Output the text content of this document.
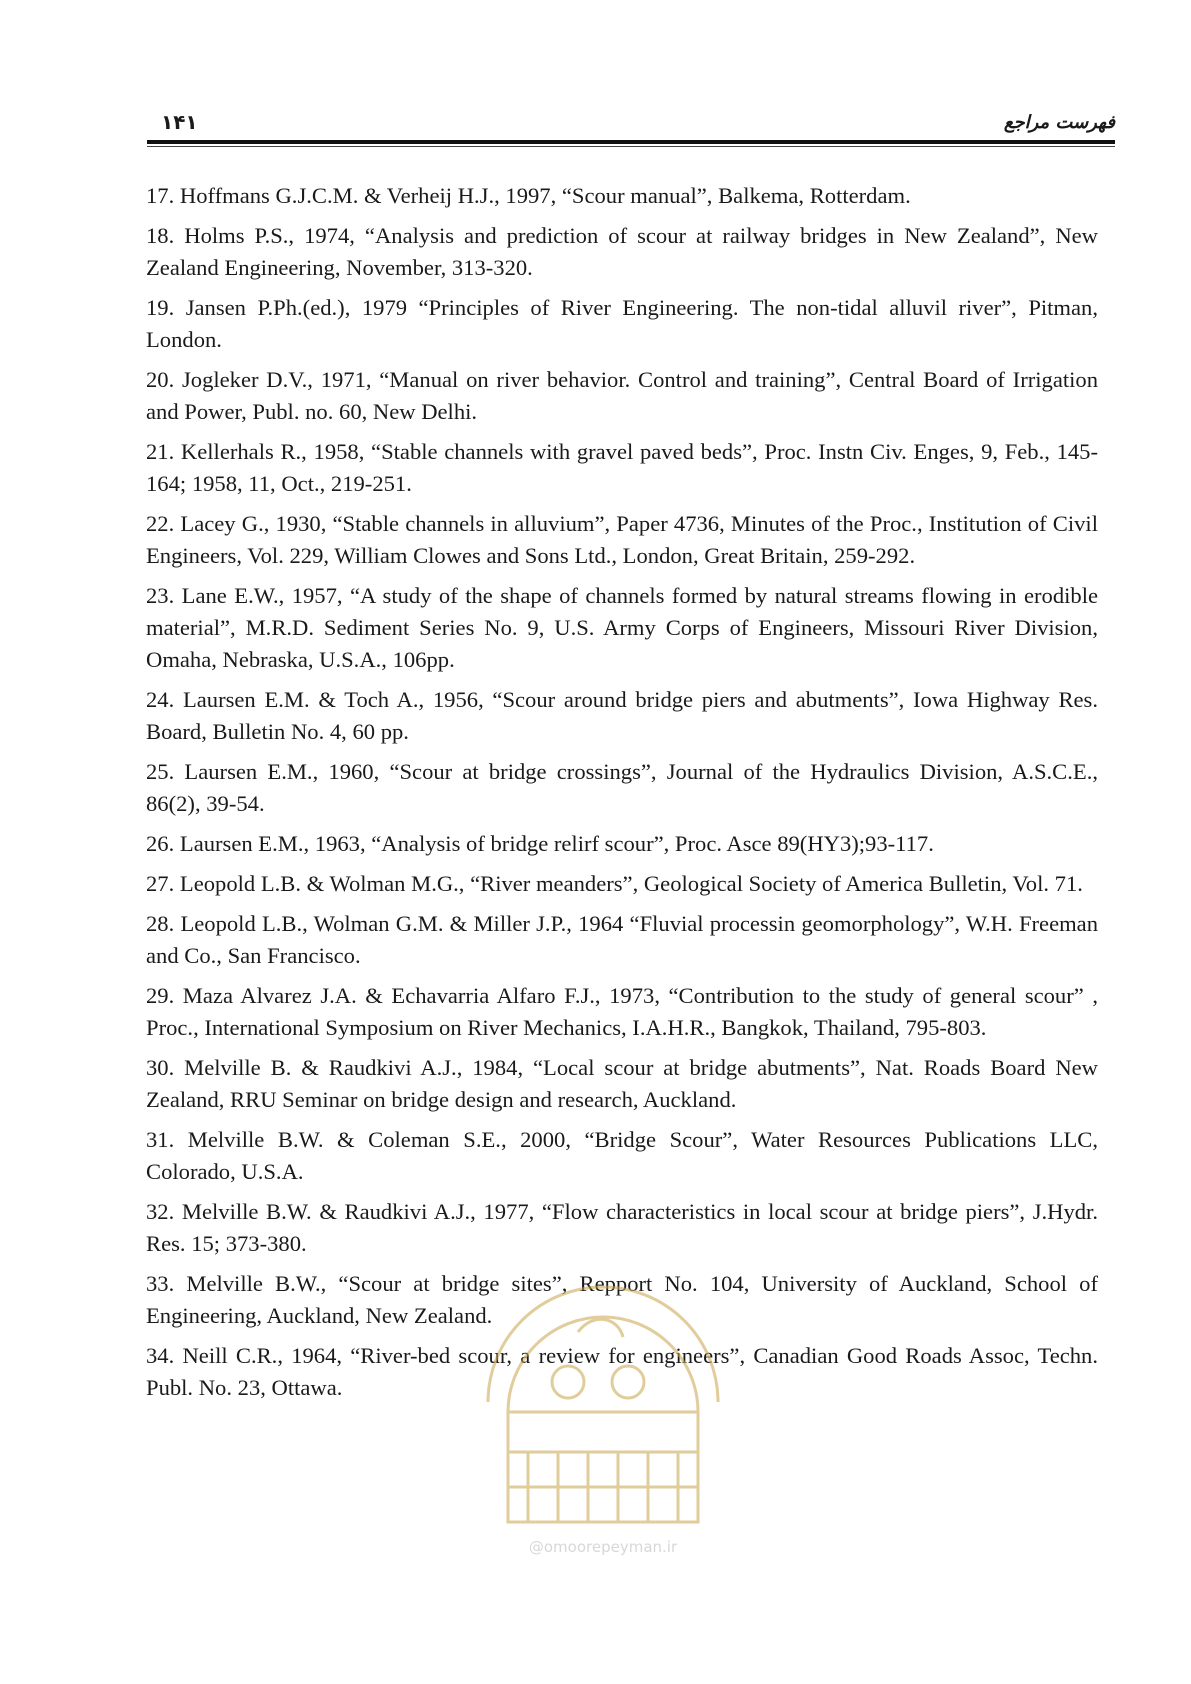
۱۴۱	فهرست مراجع
17. Hoffmans G.J.C.M. & Verheij H.J., 1997, “Scour manual”, Balkema, Rotterdam.
18. Holms P.S., 1974, “Analysis and prediction of scour at railway bridges in New Zealand”, New Zealand Engineering, November, 313-320.
19. Jansen P.Ph.(ed.), 1979 “Principles of River Engineering. The non-tidal alluvil river”, Pitman, London.
20. Jogleker D.V., 1971, “Manual on river behavior. Control and training”, Central Board of Irrigation and Power, Publ. no. 60, New Delhi.
21. Kellerhals R., 1958, “Stable channels with gravel paved beds”, Proc. Instn Civ. Enges, 9, Feb., 145-164; 1958, 11, Oct., 219-251.
22. Lacey G., 1930, “Stable channels in alluvium”, Paper 4736, Minutes of the Proc., Institution of Civil Engineers, Vol. 229, William Clowes and Sons Ltd., London, Great Britain, 259-292.
23. Lane E.W., 1957, “A study of the shape of channels formed by natural streams flowing in erodible material”, M.R.D. Sediment Series No. 9, U.S. Army Corps of Engineers, Missouri River Division, Omaha, Nebraska, U.S.A., 106pp.
24. Laursen E.M. & Toch A., 1956, “Scour around bridge piers and abutments”, Iowa Highway Res. Board, Bulletin No. 4, 60 pp.
25. Laursen E.M., 1960, “Scour at bridge crossings”, Journal of the Hydraulics Division, A.S.C.E., 86(2), 39-54.
26. Laursen E.M., 1963, “Analysis of bridge relirf scour”, Proc. Asce 89(HY3);93-117.
27. Leopold L.B. & Wolman M.G., “River meanders”, Geological Society of America Bulletin, Vol. 71.
28. Leopold L.B., Wolman G.M. & Miller J.P., 1964 “Fluvial processin geomorphology”, W.H. Freeman and Co., San Francisco.
29. Maza Alvarez J.A. & Echavarria Alfaro F.J., 1973, “Contribution to the study of general scour” , Proc., International Symposium on River Mechanics, I.A.H.R., Bangkok, Thailand, 795-803.
30. Melville B. & Raudkivi A.J., 1984, “Local scour at bridge abutments”, Nat. Roads Board New Zealand, RRU Seminar on bridge design and research, Auckland.
31. Melville B.W. & Coleman S.E., 2000, “Bridge Scour”, Water Resources Publications LLC, Colorado, U.S.A.
32. Melville B.W. & Raudkivi A.J., 1977, “Flow characteristics in local scour at bridge piers”, J.Hydr. Res. 15; 373-380.
33. Melville B.W., “Scour at bridge sites”, Repport No. 104, University of Auckland, School of Engineering, Auckland, New Zealand.
34. Neill C.R., 1964, “River-bed scour, a review for engineers”, Canadian Good Roads Assoc, Techn. Publ. No. 23, Ottawa.
@omoorepeyman.ir
